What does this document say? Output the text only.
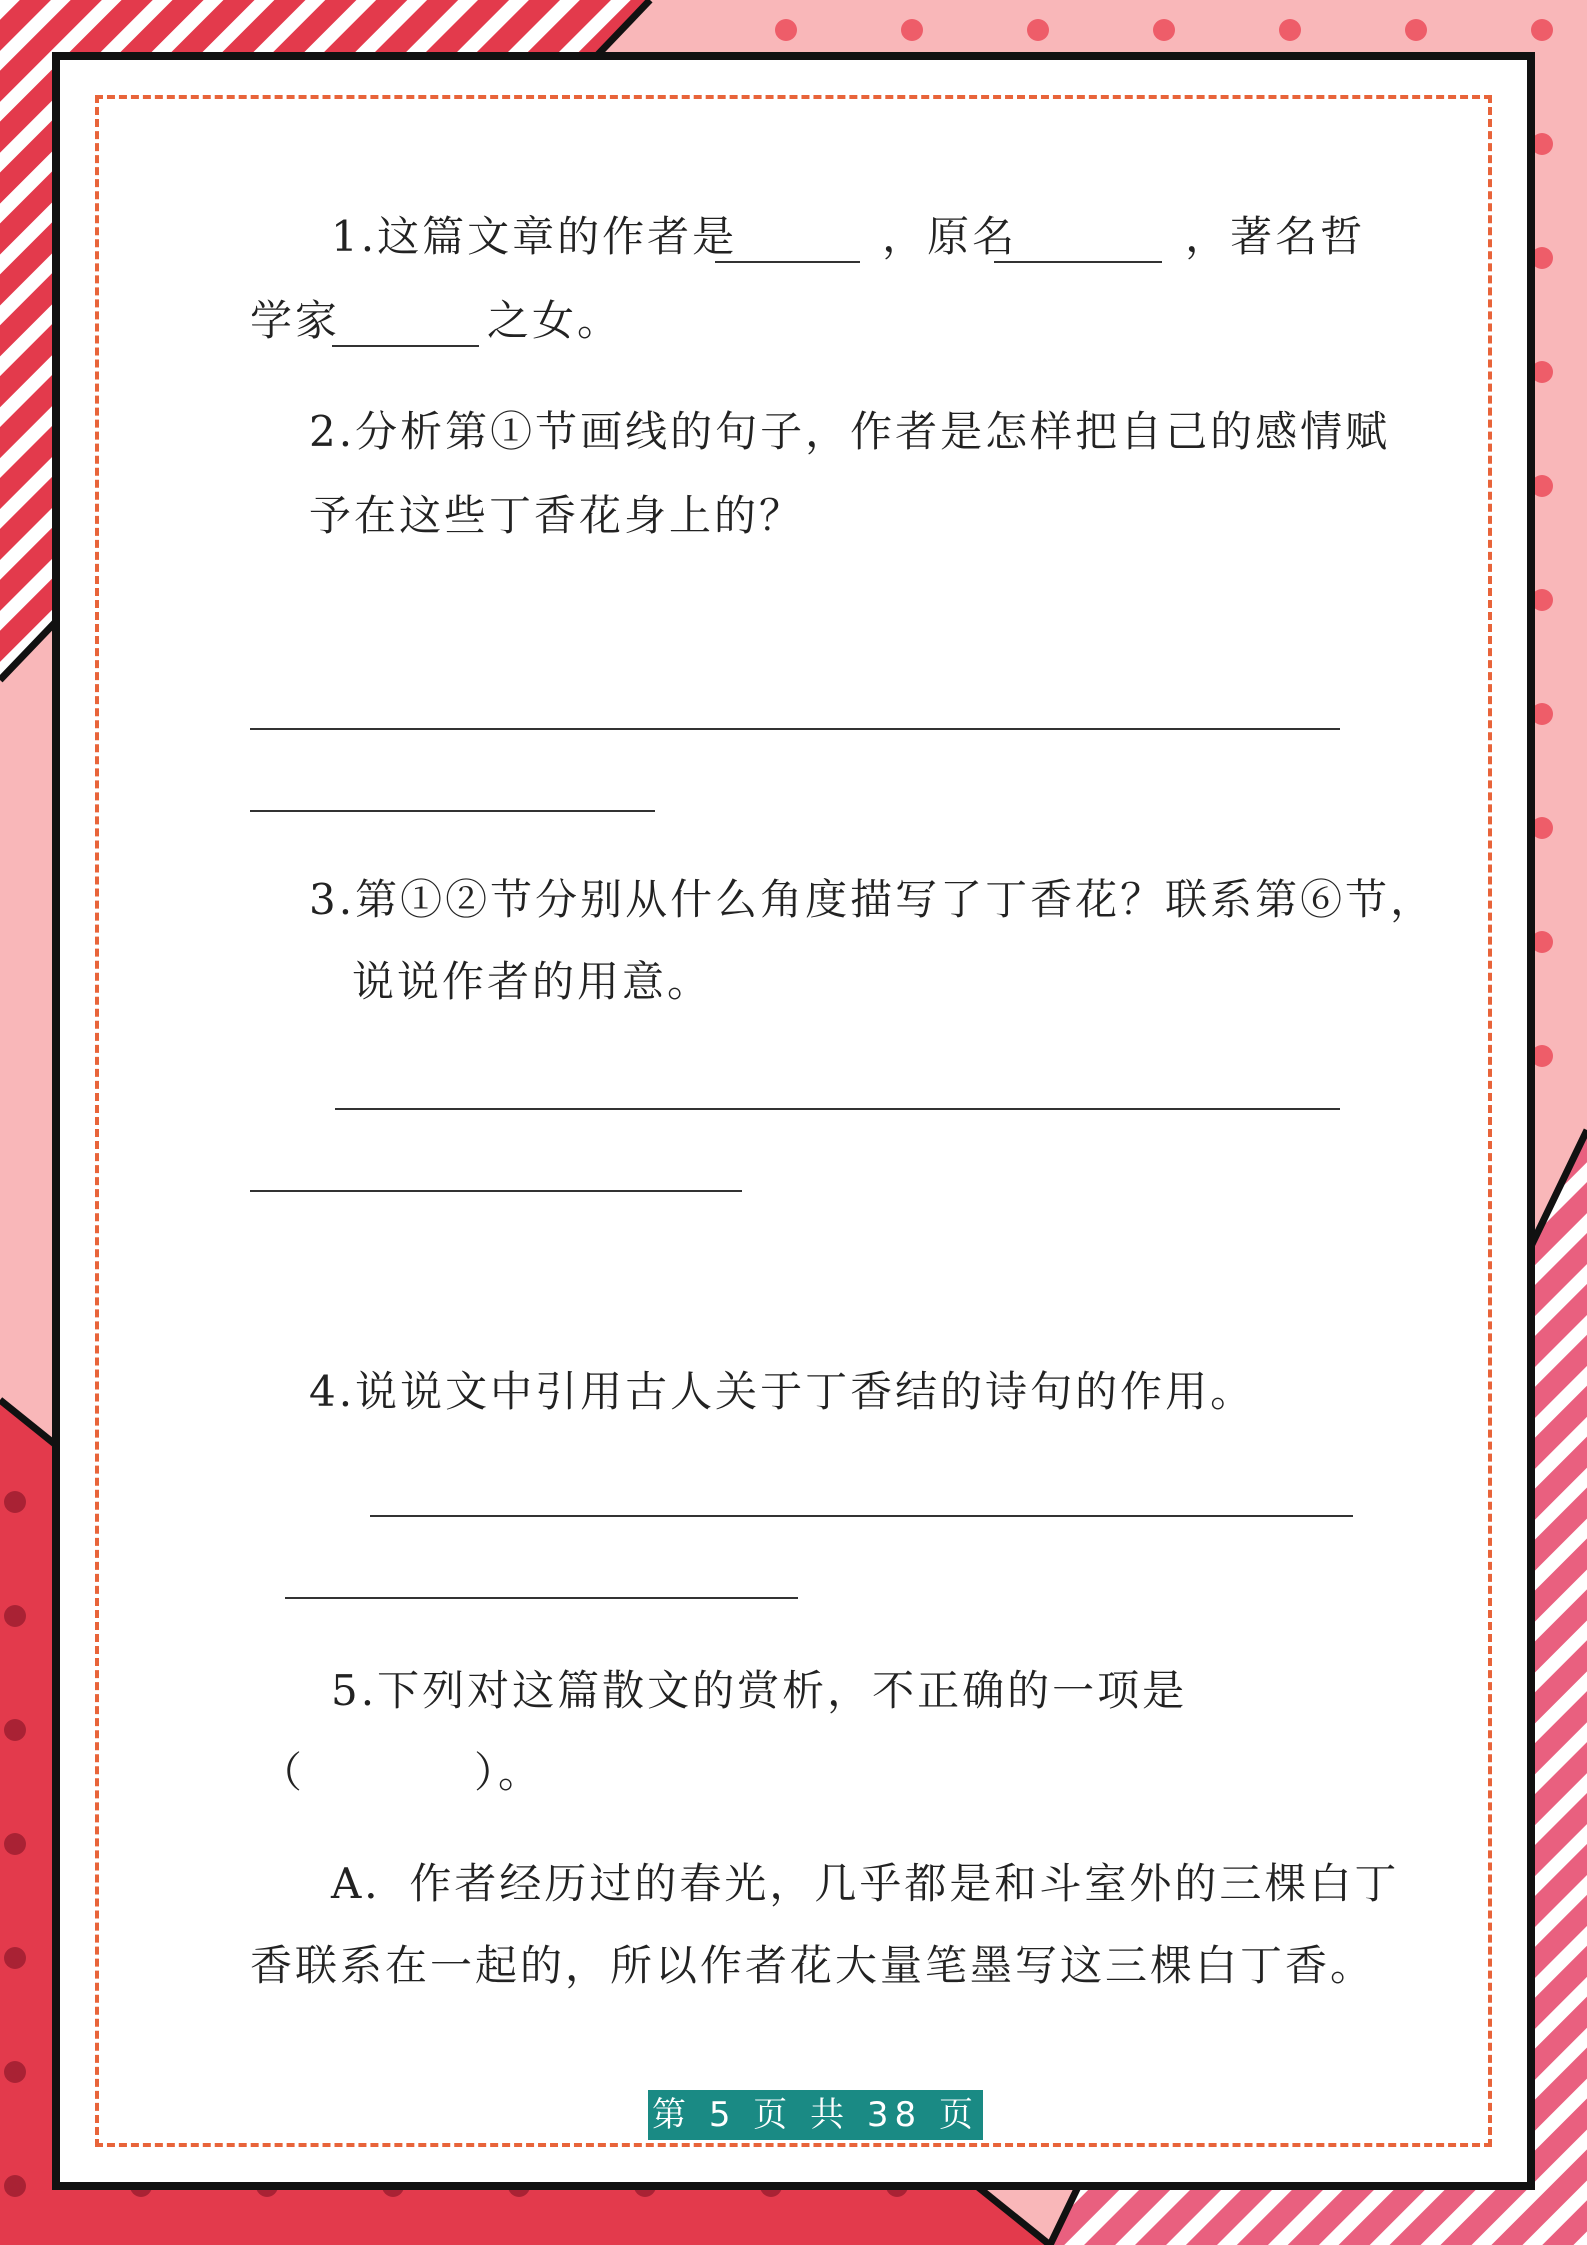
1.这篇文章的作者是	，原名	，著名哲
学家	之女。
2.分析第①节画线的句子，作者是怎样把自己的感情赋
予在这些丁香花身上的？
3.第①②节分别从什么角度描写了丁香花？联系第⑥节，
说说作者的用意。
4.说说文中引用古人关于丁香结的诗句的作用。
5.下列对这篇散文的赏析，不正确的一项是
（	）。
A．作者经历过的春光，几乎都是和斗室外的三棵白丁
香联系在一起的，所以作者花大量笔墨写这三棵白丁香。
第 5 页 共 38 页
